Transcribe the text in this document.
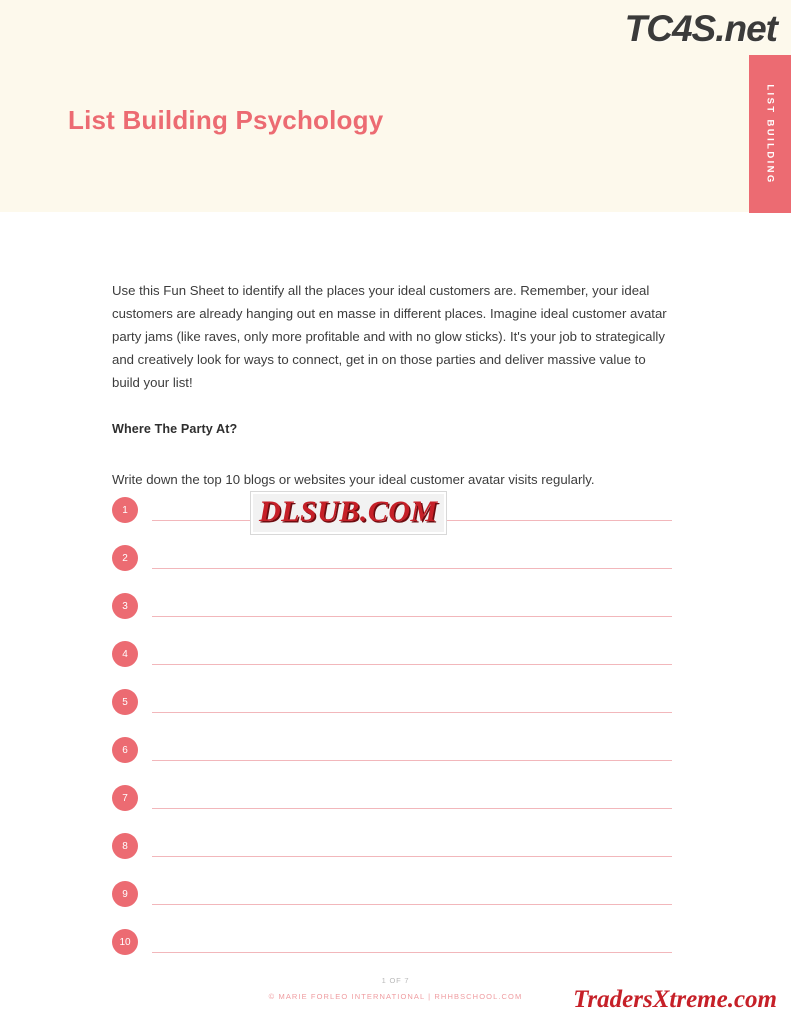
List Building Psychology	LIST BUILDING
TC4S.net

Use this Fun Sheet to identify all the places your ideal customers are. Remember, your ideal customers are already hanging out en masse in different places. Imagine ideal customer avatar party jams (like raves, only more profitable and with no glow sticks). It's your job to strategically and creatively look for ways to connect, get in on those parties and deliver massive value to build your list!

Where The Party At?

Write down the top 10 blogs or websites your ideal customer avatar visits regularly.

1
2
3
4
5
6
7
8
9
10
DLSUB.COM
1 OF 7
© MARIE FORLEO INTERNATIONAL | RHHBSCHOOL.COM	TradersXtreme.com
